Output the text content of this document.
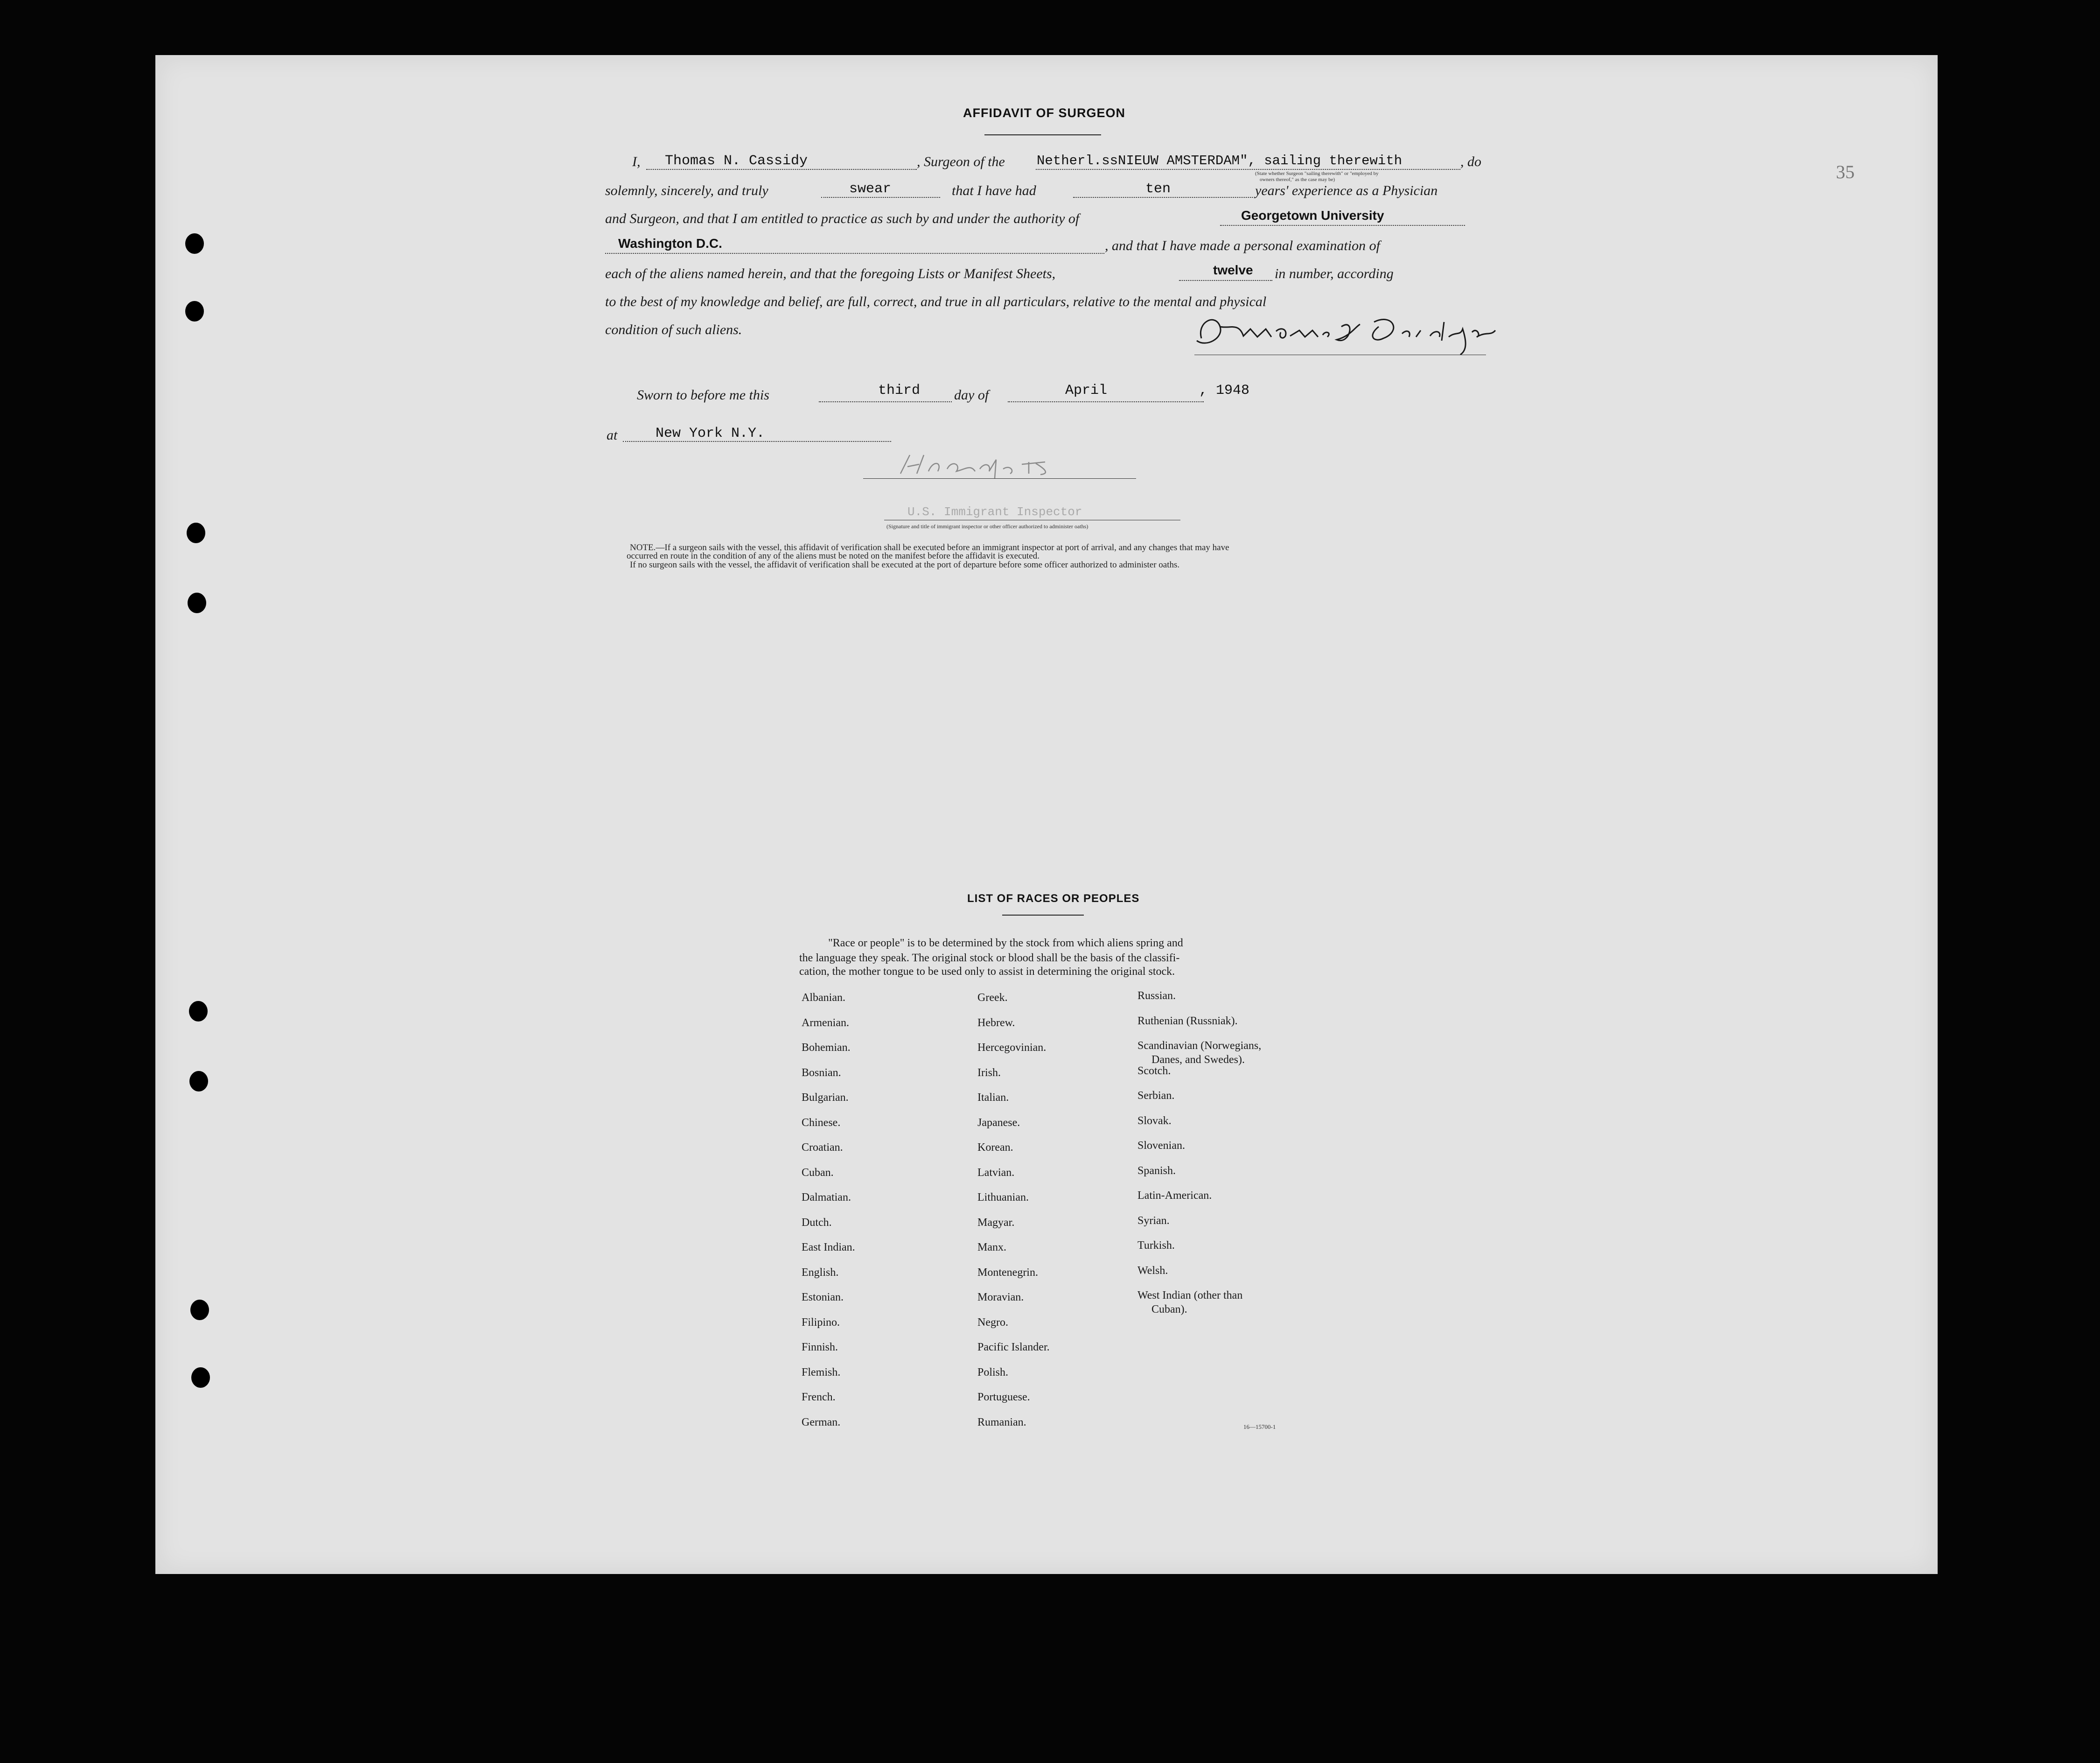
35
AFFIDAVIT OF SURGEON
I, Thomas N. Cassidy	, Surgeon of the Netherl.ssNIEUW AMSTERDAM", sailing therewith	, do
(State whether Surgeon "sailing therewith" or "employed by
owners thereof," as the case may be)
solemnly, sincerely, and truly	swear	that I have had	ten	years' experience as a Physician
and Surgeon, and that I am entitled to practice as such by and under the authority of	Georgetown University
Washington D.C.	, and that I have made a personal examination of
each of the aliens named herein, and that the foregoing Lists or Manifest Sheets,	twelve in number, according
to the best of my knowledge and belief, are full, correct, and true in all particulars, relative to the mental and physical
condition of such aliens.
Sworn to before me this	third day of	April	, 1948
at	New York N.Y.
U.S. Immigrant Inspector
(Signature and title of immigrant inspector or other officer authorized to administer oaths)
NOTE.—If a surgeon sails with the vessel, this affidavit of verification shall be executed before an immigrant inspector at port of arrival, and any changes that may have
occurred en route in the condition of any of the aliens must be noted on the manifest before the affidavit is executed.
If no surgeon sails with the vessel, the affidavit of verification shall be executed at the port of departure before some officer authorized to administer oaths.
LIST OF RACES OR PEOPLES
"Race or people" is to be determined by the stock from which aliens spring and
the language they speak. The original stock or blood shall be the basis of the classifi-
cation, the mother tongue to be used only to assist in determining the original stock.
Albanian.
Armenian.
Bohemian.
Bosnian.
Bulgarian.
Chinese.
Croatian.
Cuban.
Dalmatian.
Dutch.
East Indian.
English.
Estonian.
Filipino.
Finnish.
Flemish.
French.
German.
Greek.
Hebrew.
Hercegovinian.
Irish.
Italian.
Japanese.
Korean.
Latvian.
Lithuanian.
Magyar.
Manx.
Montenegrin.
Moravian.
Negro.
Pacific Islander.
Polish.
Portuguese.
Rumanian.
Russian.
Ruthenian (Russniak).
Scandinavian (Norwegians,
Danes, and Swedes).
Scotch.
Serbian.
Slovak.
Slovenian.
Spanish.
Latin-American.
Syrian.
Turkish.
Welsh.
West Indian (other than
Cuban).
16—15700-1
